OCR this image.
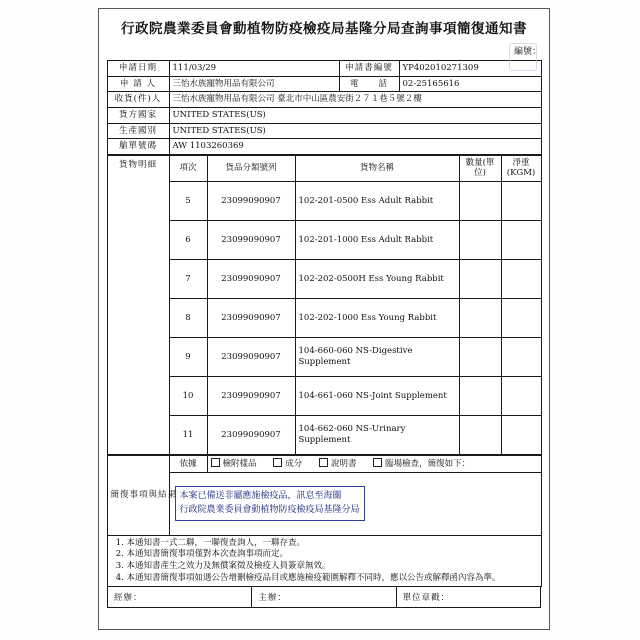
行政院農業委員會動植物防疫檢疫局基隆分局查詢事項簡復通知書
編號：
申請日期	111/03/29	申請書編號	YP402010271309
申 請 人	三怡水族寵物用品有限公司	電　　話	02-25165616
收貨(件)人	三怡水族寵物用品有限公司 臺北市中山區農安街２７１巷５號２樓		
貨方國家	UNITED STATES(US)		
生產國別	UNITED STATES(US)		
艙單號碼	AW 1103260369		
貨物明細	項次	貨品分類號列	貨物名稱	數量(單位)	淨重(KGM)
	5	23099090907	102-201-0500 Ess Adult Rabbit		
	6	23099090907	102-201-1000 Ess Adult Rabbit		
	7	23099090907	102-202-0500H Ess Young Rabbit		
	8	23099090907	102-202-1000 Ess Young Rabbit		
	9	23099090907	104-660-060 NS-Digestive Supplement		
	10	23099090907	104-661-060 NS-Joint Supplement		
	11	23099090907	104-662-060 NS-Urinary Supplement		
簡復事項與結果	依據	檢附樣品	成分	說明書	臨場檢查，簡復如下：

本案已備送非屬應施檢疫品，訊息至海關
行政院農業委員會動植物防疫檢疫局基隆分局

1. 本通知書一式二聯，一聯復查詢人，一聯存查。
2. 本通知書簡復事項僅對本次查詢事項而定。
3. 本通知書產生之效力及無償案徵及檢疫人員簽章無效。
4. 本通知書簡復事項如遇公告增刪檢疫品目或應施檢疫範圍解釋不同時，應以公告或解釋函內容為準。
經辦：	主辦：	單位章戳：
